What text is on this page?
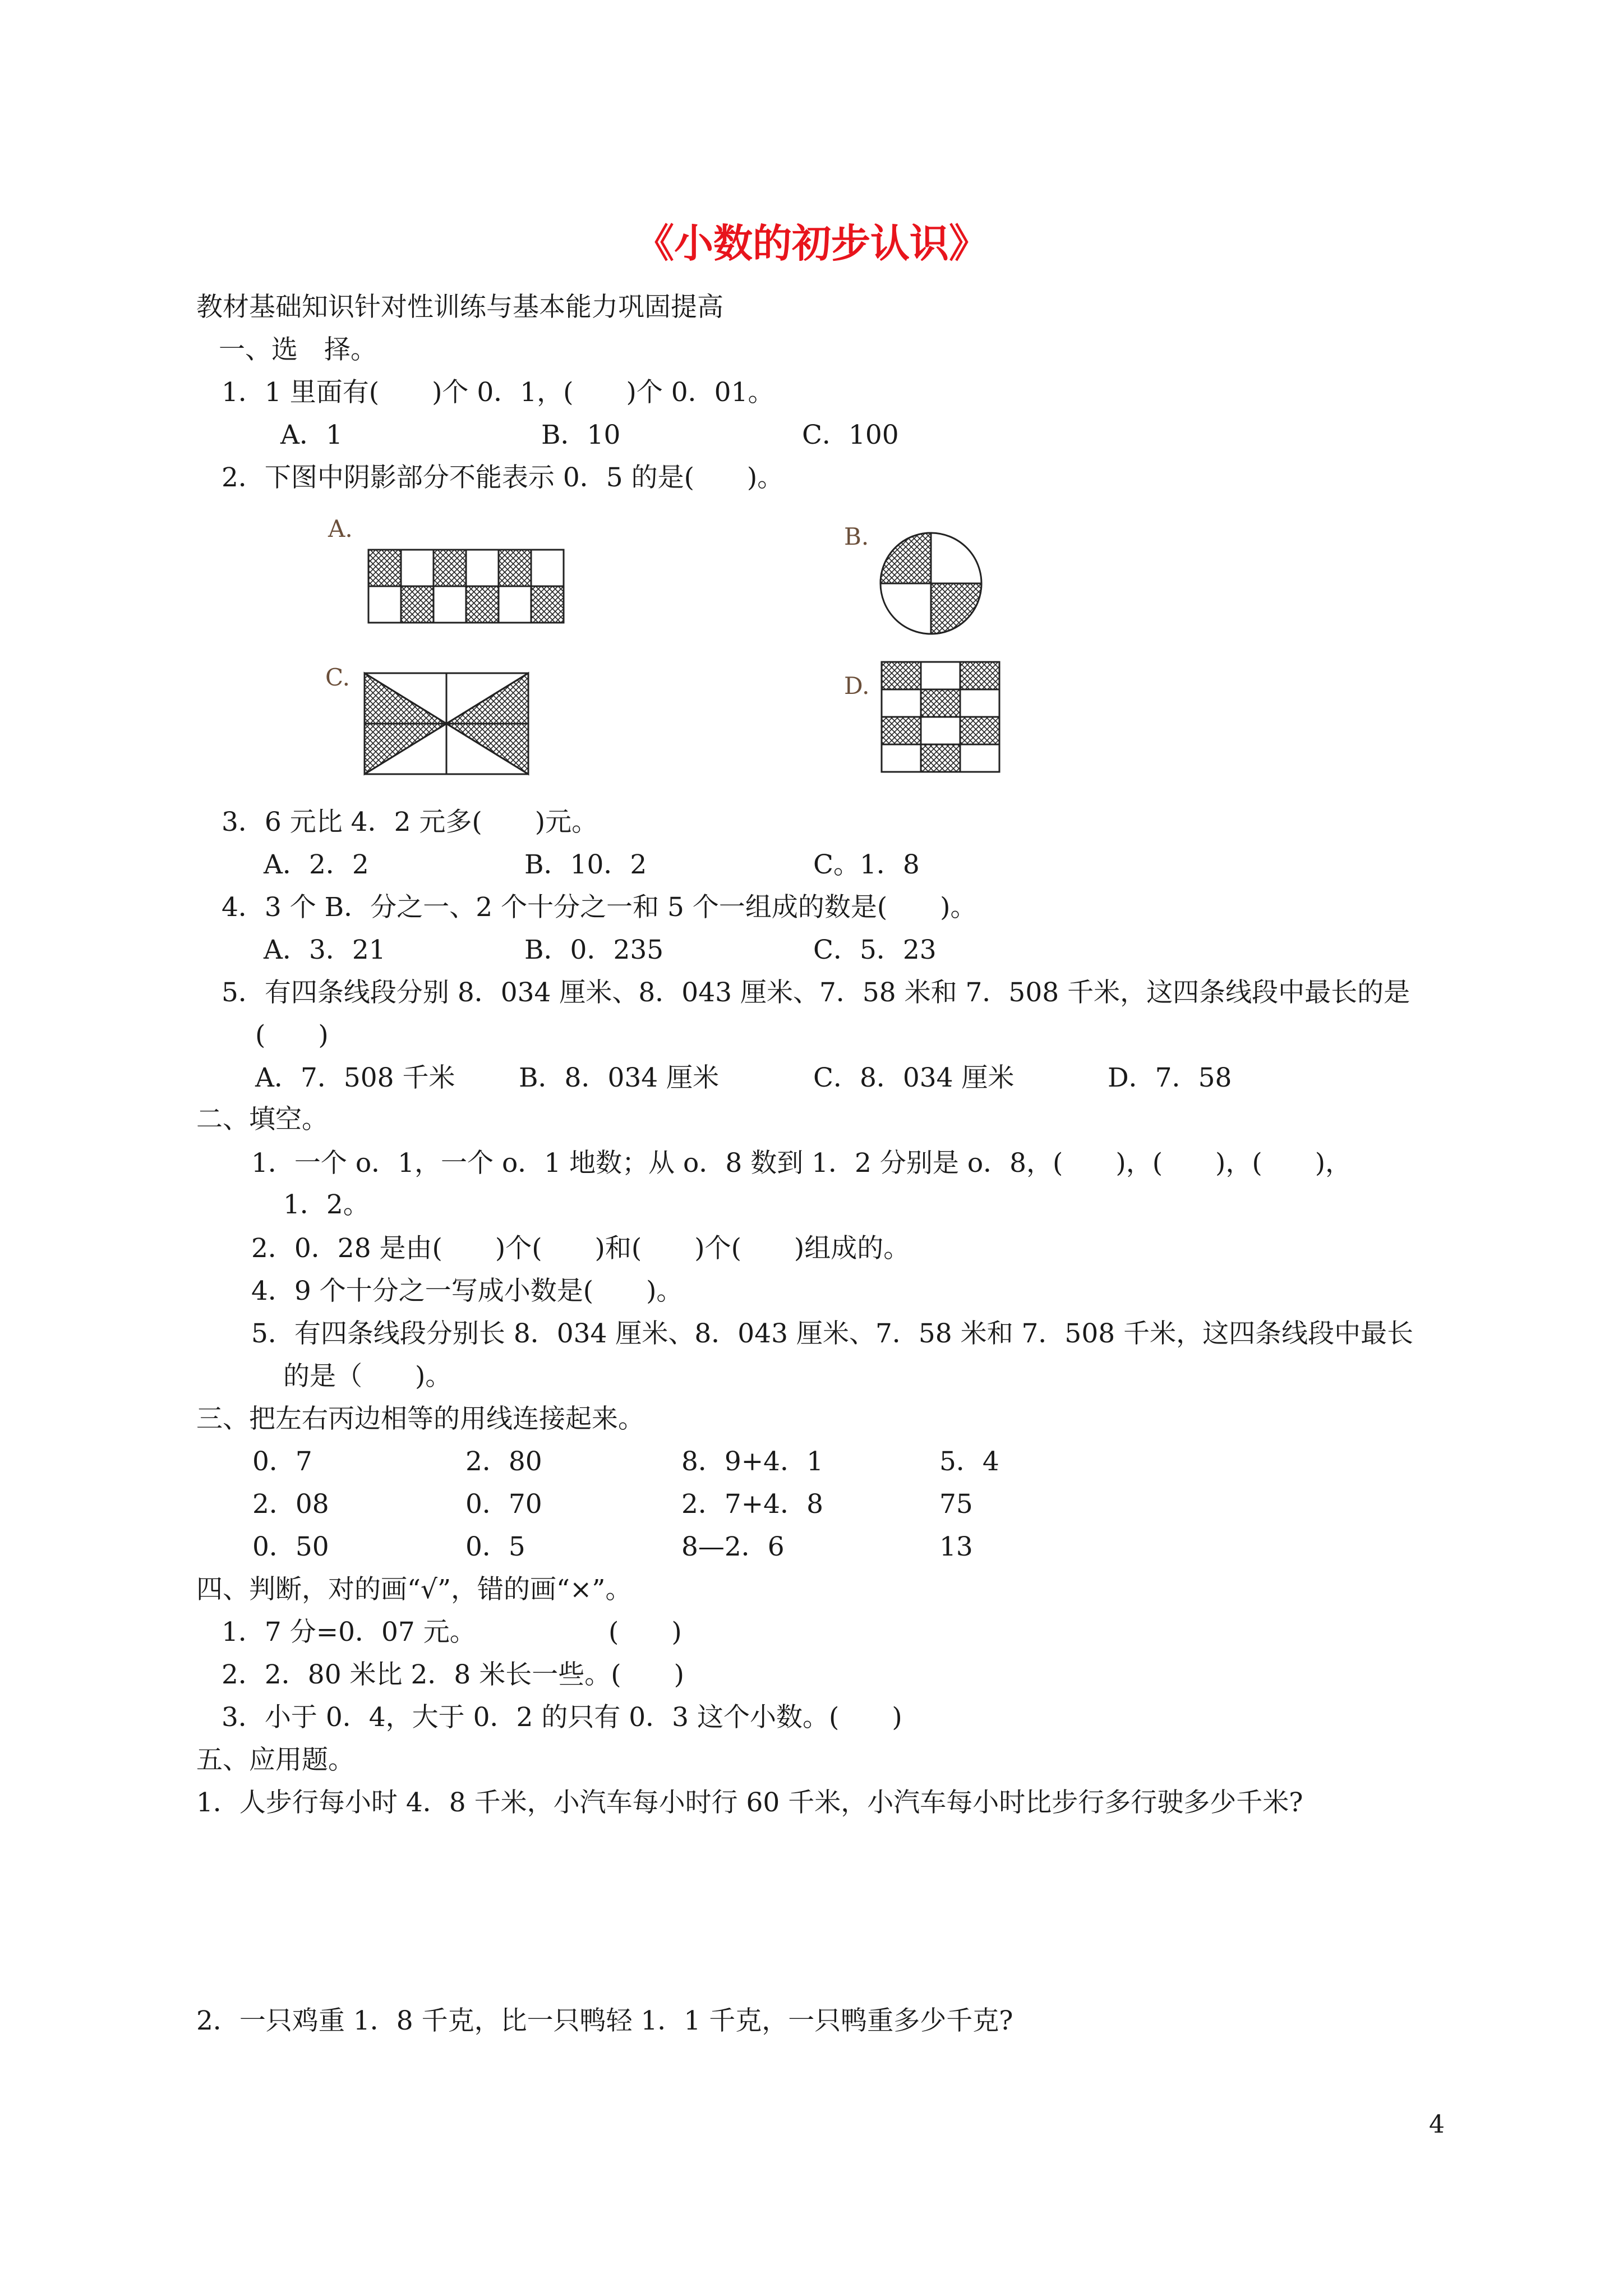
《小数的初步认识》
教材基础知识针对性训练与基本能力巩固提高
一、选　择。
1．1 里面有(　　)个 0．1，(　　)个 0．01。
A．1	B．10	C．100
2．下图中阴影部分不能表示 0．5 的是(　　)。
A.	B.
C.	D.
3．6 元比 4．2 元多(　　)元。
A．2．2	B．10．2	C。1．8
4．3 个 B．分之一、2 个十分之一和 5 个一组成的数是(　　)。
A．3．21	B．0．235	C．5．23
5．有四条线段分别 8．034 厘米、8．043 厘米、7．58 米和 7．508 千米，这四条线段中最长的是
(　　)
A．7．508 千米 B．8．034 厘米	C．8．034 厘米	D．7．58
二、填空。
1．一个 o．1，一个 o．1 地数；从 o．8 数到 1．2 分别是 o．8，(　　)，(　　)，(　　)，
1．2。
2．0．28 是由(　　)个(　　)和(　　)个(　　)组成的。
4．9 个十分之一写成小数是(　　)。
5．有四条线段分别长 8．034 厘米、8．043 厘米、7．58 米和 7．508 千米，这四条线段中最长
的是（　　)。
三、把左右丙边相等的用线连接起来。
0．7	2．80	8．9+4．1	5．4
2．08	0．70	2．7+4．8	75
0．50	0．5	8—2．6	13
四、判断，对的画“√”，错的画“×”。
1．7 分=0．07 元。	(　　)
2．2．80 米比 2．8 米长一些。(　　)
3．小于 0．4，大于 0．2 的只有 0．3 这个小数。(　　)
五、应用题。
1．人步行每小时 4．8 千米，小汽车每小时行 60 千米，小汽车每小时比步行多行驶多少千米?
2．一只鸡重 1．8 千克，比一只鸭轻 1．1 千克，一只鸭重多少千克?
4
